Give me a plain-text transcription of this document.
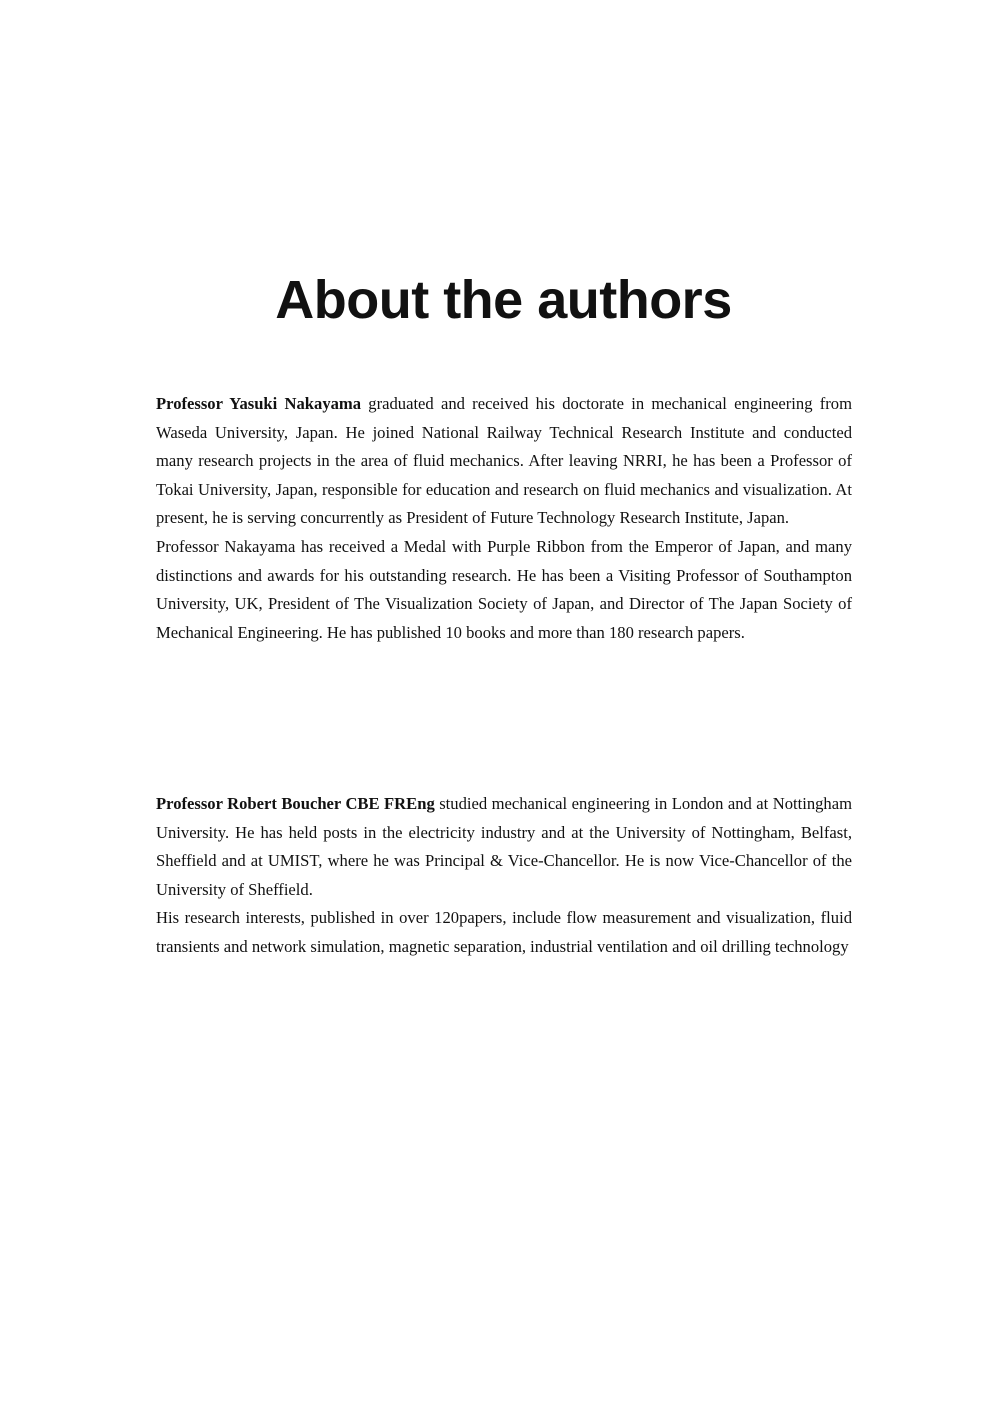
About the authors

Professor Yasuki Nakayama graduated and received his doctorate in mechanical engineering from Waseda University, Japan. He joined National Railway Technical Research Institute and conducted many research projects in the area of fluid mechanics. After leaving NRRI, he has been a Professor of Tokai University, Japan, responsible for education and research on fluid mechanics and visualization. At present, he is serving concurrently as President of Future Technology Research Institute, Japan.

Professor Nakayama has received a Medal with Purple Ribbon from the Emperor of Japan, and many distinctions and awards for his outstanding research. He has been a Visiting Professor of Southampton University, UK, President of The Visualization Society of Japan, and Director of The Japan Society of Mechanical Engineering. He has published 10 books and more than 180 research papers.

Professor Robert Boucher CBE FREng studied mechanical engineering in London and at Nottingham University. He has held posts in the electricity industry and at the University of Nottingham, Belfast, Sheffield and at UMIST, where he was Principal & Vice-Chancellor. He is now Vice-Chancellor of the University of Sheffield.

His research interests, published in over 120papers, include flow measurement and visualization, fluid transients and network simulation, magnetic separation, industrial ventilation and oil drilling technology
